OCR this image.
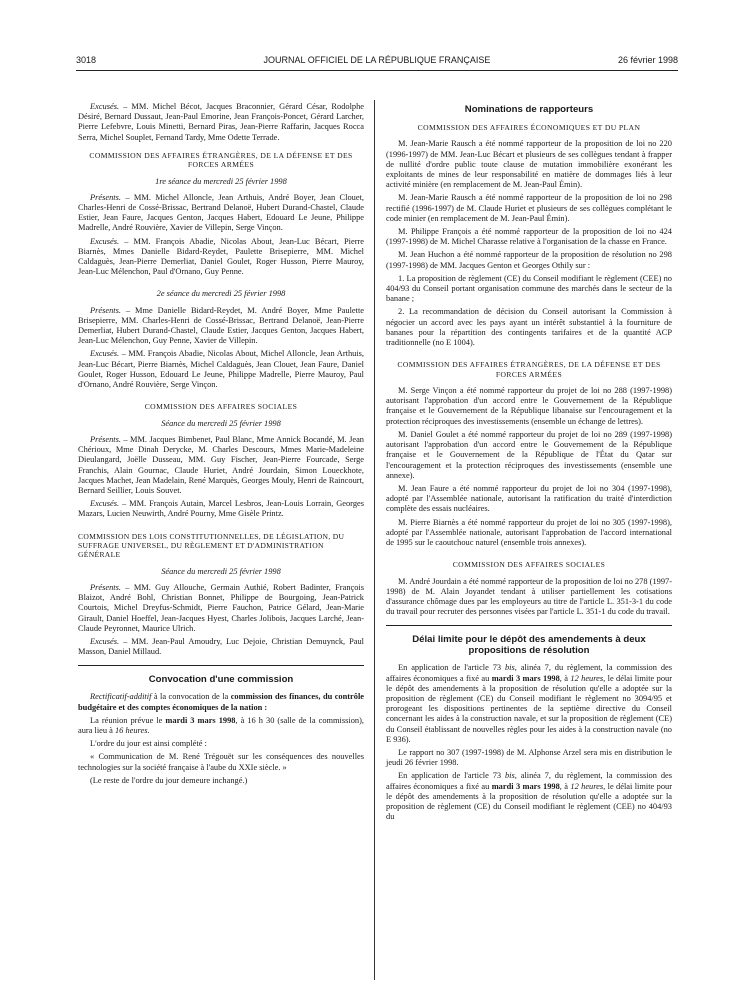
3018	JOURNAL OFFICIEL DE LA RÉPUBLIQUE FRANÇAISE	26 février 1998

Excusés. – MM. Michel Bécot, Jacques Braconnier, Gérard César, Rodolphe Désiré, Bernard Dussaut, Jean-Paul Emorine, Jean François-Poncet, Gérard Larcher, Pierre Lefebvre, Louis Minetti, Bernard Piras, Jean-Pierre Raffarin, Jacques Rocca Serra, Michel Souplet, Fernand Tardy, Mme Odette Terrade.

COMMISSION DES AFFAIRES ÉTRANGÈRES, DE LA DÉFENSE ET DES FORCES ARMÉES
1re séance du mercredi 25 février 1998

Présents. – MM. Michel Alloncle, Jean Arthuis, André Boyer, Jean Clouet, Charles-Henri de Cossé-Brissac, Bertrand Delanoë, Hubert Durand-Chastel, Claude Estier, Jean Faure, Jacques Genton, Jacques Habert, Edouard Le Jeune, Philippe Madrelle, André Rouvière, Xavier de Villepin, Serge Vinçon.

Excusés. – MM. François Abadie, Nicolas About, Jean-Luc Bécart, Pierre Biarnès, Mmes Danielle Bidard-Reydet, Paulette Brisepierre, MM. Michel Caldaguès, Jean-Pierre Demerliat, Daniel Goulet, Roger Husson, Pierre Mauroy, Jean-Luc Mélenchon, Paul d'Ornano, Guy Penne.

2e séance du mercredi 25 février 1998

Présents. – Mme Danielle Bidard-Reydet, M. André Boyer, Mme Paulette Brisepierre, MM. Charles-Henri de Cossé-Brissac, Bertrand Delanoë, Jean-Pierre Demerliat, Hubert Durand-Chastel, Claude Estier, Jacques Genton, Jacques Habert, Jean-Luc Mélenchon, Guy Penne, Xavier de Villepin.

Excusés. – MM. François Abadie, Nicolas About, Michel Alloncle, Jean Arthuis, Jean-Luc Bécart, Pierre Biarnès, Michel Caldaguès, Jean Clouet, Jean Faure, Daniel Goulet, Roger Husson, Edouard Le Jeune, Philippe Madrelle, Pierre Mauroy, Paul d'Ornano, André Rouvière, Serge Vinçon.

COMMISSION DES AFFAIRES SOCIALES
Séance du mercredi 25 février 1998

Présents. – MM. Jacques Bimbenet, Paul Blanc, Mme Annick Bocandé, M. Jean Chérioux, Mme Dinah Derycke, M. Charles Descours, Mmes Marie-Madeleine Dieulangard, Joëlle Dusseau, MM. Guy Fischer, Jean-Pierre Fourcade, Serge Franchis, Alain Gournac, Claude Huriet, André Jourdain, Simon Loueckhote, Jacques Machet, Jean Madelain, René Marquès, Georges Mouly, Henri de Raincourt, Bernard Seillier, Louis Souvet.

Excusés. – MM. François Autain, Marcel Lesbros, Jean-Louis Lorrain, Georges Mazars, Lucien Neuwirth, André Pourny, Mme Gisèle Printz.

COMMISSION DES LOIS CONSTITUTIONNELLES, DE LÉGISLATION, DU SUFFRAGE UNIVERSEL, DU RÈGLEMENT ET D'ADMINISTRATION GÉNÉRALE
Séance du mercredi 25 février 1998

Présents. – MM. Guy Allouche, Germain Authié, Robert Badinter, François Blaizot, André Bohl, Christian Bonnet, Philippe de Bourgoing, Jean-Patrick Courtois, Michel Dreyfus-Schmidt, Pierre Fauchon, Patrice Gélard, Jean-Marie Girault, Daniel Hoeffel, Jean-Jacques Hyest, Charles Jolibois, Jacques Larché, Jean-Claude Peyronnet, Maurice Ulrich.

Excusés. – MM. Jean-Paul Amoudry, Luc Dejoie, Christian Demuynck, Paul Masson, Daniel Millaud.

Convocation d'une commission

Rectificatif-additif à la convocation de la commission des finances, du contrôle budgétaire et des comptes économiques de la nation :

La réunion prévue le mardi 3 mars 1998, à 16 h 30 (salle de la commission), aura lieu à 16 heures.

L'ordre du jour est ainsi complété :

« Communication de M. René Trégouët sur les conséquences des nouvelles technologies sur la société française à l'aube du XXIe siècle. »

(Le reste de l'ordre du jour demeure inchangé.)

Nominations de rapporteurs
COMMISSION DES AFFAIRES ÉCONOMIQUES ET DU PLAN

M. Jean-Marie Rausch a été nommé rapporteur de la proposition de loi no 220 (1996-1997) de MM. Jean-Luc Bécart et plusieurs de ses collègues tendant à frapper de nullité d'ordre public toute clause de mutation immobilière exonérant les exploitants de mines de leur responsabilité en matière de dommages liés à leur activité minière (en remplacement de M. Jean-Paul Émin).

M. Jean-Marie Rausch a été nommé rapporteur de la proposition de loi no 298 rectifié (1996-1997) de M. Claude Huriet et plusieurs de ses collègues complétant le code minier (en remplacement de M. Jean-Paul Émin).

M. Philippe François a été nommé rapporteur de la proposition de loi no 424 (1997-1998) de M. Michel Charasse relative à l'organisation de la chasse en France.

M. Jean Huchon a été nommé rapporteur de la proposition de résolution no 298 (1997-1998) de MM. Jacques Genton et Georges Othily sur :

1. La proposition de règlement (CE) du Conseil modifiant le règlement (CEE) no 404/93 du Conseil portant organisation commune des marchés dans le secteur de la banane ;

2. La recommandation de décision du Conseil autorisant la Commission à négocier un accord avec les pays ayant un intérêt substantiel à la fourniture de bananes pour la répartition des contingents tarifaires et de la quantité ACP traditionnelle (no E 1004).

COMMISSION DES AFFAIRES ÉTRANGÈRES, DE LA DÉFENSE ET DES FORCES ARMÉES

M. Serge Vinçon a été nommé rapporteur du projet de loi no 288 (1997-1998) autorisant l'approbation d'un accord entre le Gouvernement de la République française et le Gouvernement de la République libanaise sur l'encouragement et la protection réciproques des investissements (ensemble un échange de lettres).

M. Daniel Goulet a été nommé rapporteur du projet de loi no 289 (1997-1998) autorisant l'approbation d'un accord entre le Gouvernement de la République française et le Gouvernement de la République de l'État du Qatar sur l'encouragement et la protection réciproques des investissements (ensemble une annexe).

M. Jean Faure a été nommé rapporteur du projet de loi no 304 (1997-1998), adopté par l'Assemblée nationale, autorisant la ratification du traité d'interdiction complète des essais nucléaires.

M. Pierre Biarnès a été nommé rapporteur du projet de loi no 305 (1997-1998), adopté par l'Assemblée nationale, autorisant l'approbation de l'accord international de 1995 sur le caoutchouc naturel (ensemble trois annexes).

COMMISSION DES AFFAIRES SOCIALES

M. André Jourdain a été nommé rapporteur de la proposition de loi no 278 (1997-1998) de M. Alain Joyandet tendant à utiliser partiellement les cotisations d'assurance chômage dues par les employeurs au titre de l'article L. 351-3-1 du code du travail pour recruter des personnes visées par l'article L. 351-1 du code du travail.

Délai limite pour le dépôt des amendements à deux propositions de résolution

En application de l'article 73 bis, alinéa 7, du règlement, la commission des affaires économiques a fixé au mardi 3 mars 1998, à 12 heures, le délai limite pour le dépôt des amendements à la proposition de résolution qu'elle a adoptée sur la proposition de règlement (CE) du Conseil modifiant le règlement no 3094/95 et prorogeant les dispositions pertinentes de la septième directive du Conseil concernant les aides à la construction navale, et sur la proposition de règlement (CE) du Conseil établissant de nouvelles règles pour les aides à la construction navale (no E 936).

Le rapport no 307 (1997-1998) de M. Alphonse Arzel sera mis en distribution le jeudi 26 février 1998.

En application de l'article 73 bis, alinéa 7, du règlement, la commission des affaires économiques a fixé au mardi 3 mars 1998, à 12 heures, le délai limite pour le dépôt des amendements à la proposition de résolution qu'elle a adoptée sur la proposition de règlement (CE) du Conseil modifiant le règlement (CEE) no 404/93 du
